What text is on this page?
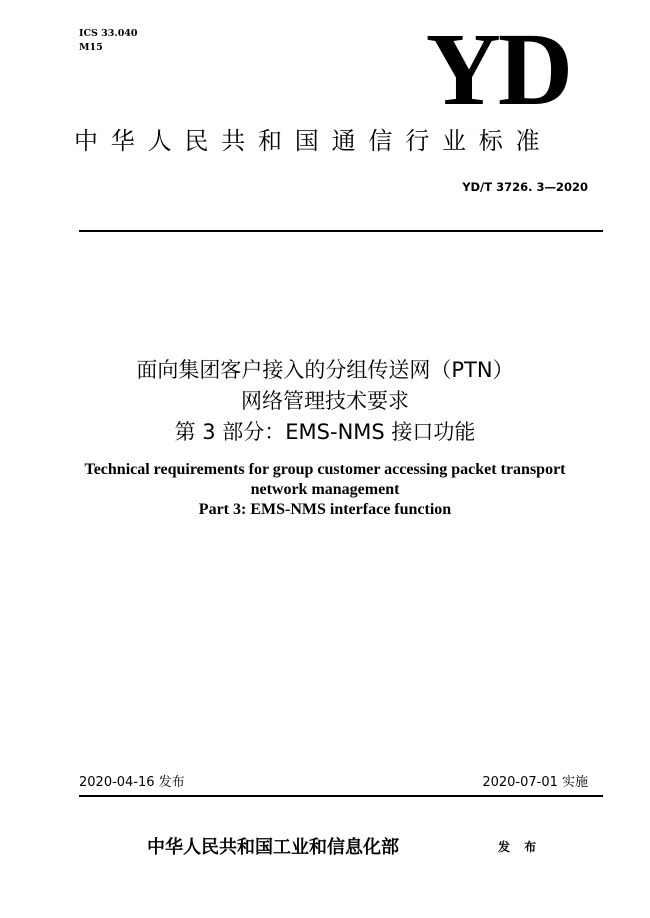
ICS 33.040
M15	YD
中华人民共和国通信行业标准
YD/T 3726. 3—2020
面向集团客户接入的分组传送网（PTN）
网络管理技术要求
第 3 部分：EMS-NMS 接口功能
Technical requirements for group customer accessing packet transport
network management
Part 3: EMS-NMS interface function
2020-04-16 发布	2020-07-01 实施
中华人民共和国工业和信息化部	发 布
